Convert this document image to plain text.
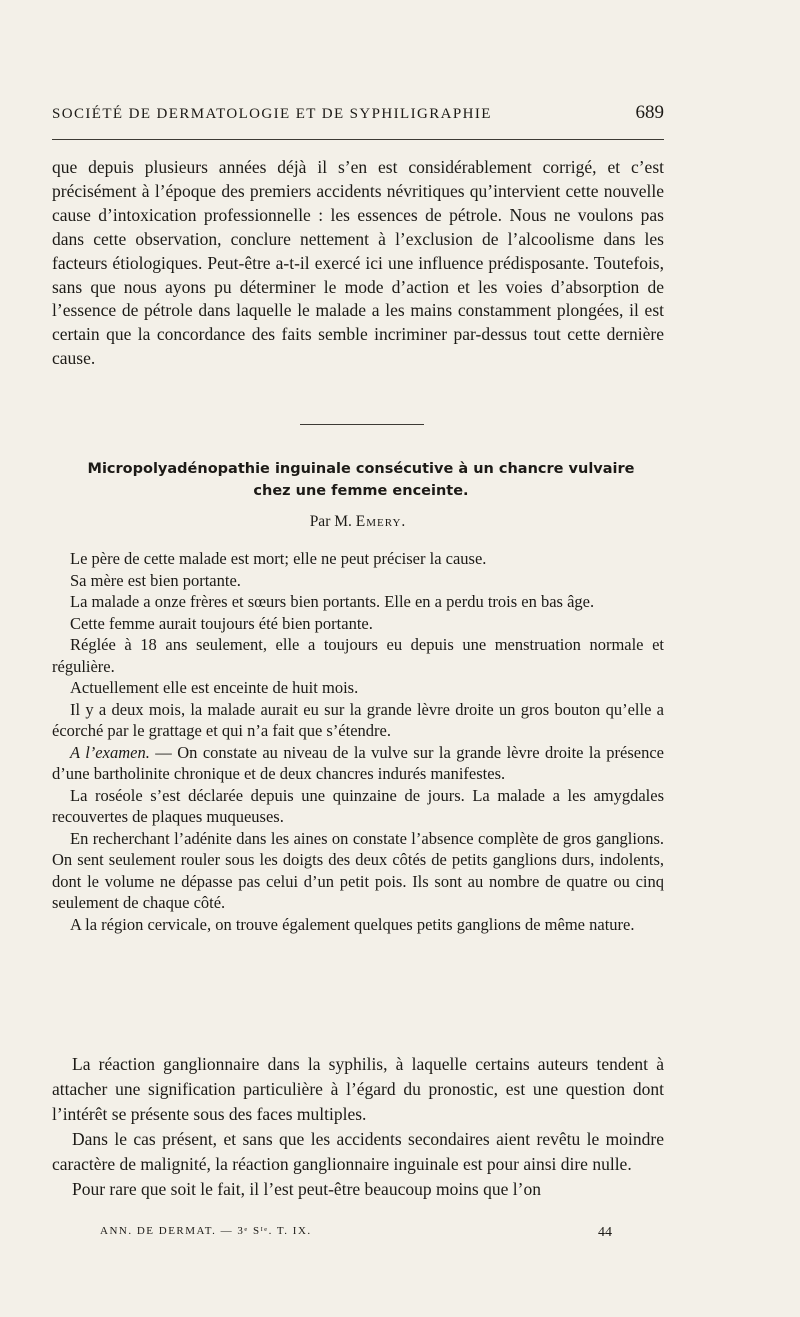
SOCIÉTÉ DE DERMATOLOGIE ET DE SYPHILIGRAPHIE	689

que depuis plusieurs années déjà il s’en est considérablement corrigé, et c’est précisément à l’époque des premiers accidents névritiques qu’intervient cette nouvelle cause d’intoxication professionnelle : les essences de pétrole. Nous ne voulons pas dans cette observation, conclure nettement à l’exclusion de l’alcoolisme dans les facteurs étiologiques. Peut-être a-t-il exercé ici une influence prédisposante. Toutefois, sans que nous ayons pu déterminer le mode d’action et les voies d’absorption de l’essence de pétrole dans laquelle le malade a les mains constamment plongées, il est certain que la concordance des faits semble incriminer par-dessus tout cette dernière cause.

Micropolyadénopathie inguinale consécutive à un chancre vulvaire
chez une femme enceinte.
Par M. Emery.

Le père de cette malade est mort; elle ne peut préciser la cause.

Sa mère est bien portante.

La malade a onze frères et sœurs bien portants. Elle en a perdu trois en bas âge.

Cette femme aurait toujours été bien portante.

Réglée à 18 ans seulement, elle a toujours eu depuis une menstruation normale et régulière.

Actuellement elle est enceinte de huit mois.

Il y a deux mois, la malade aurait eu sur la grande lèvre droite un gros bouton qu’elle a écorché par le grattage et qui n’a fait que s’étendre.

A l’examen. — On constate au niveau de la vulve sur la grande lèvre droite la présence d’une bartholinite chronique et de deux chancres indurés manifestes.

La roséole s’est déclarée depuis une quinzaine de jours. La malade a les amygdales recouvertes de plaques muqueuses.

En recherchant l’adénite dans les aines on constate l’absence complète de gros ganglions. On sent seulement rouler sous les doigts des deux côtés de petits ganglions durs, indolents, dont le volume ne dépasse pas celui d’un petit pois. Ils sont au nombre de quatre ou cinq seulement de chaque côté.

A la région cervicale, on trouve également quelques petits ganglions de même nature.

La réaction ganglionnaire dans la syphilis, à laquelle certains auteurs tendent à attacher une signification particulière à l’égard du pronostic, est une question dont l’intérêt se présente sous des faces multiples.

Dans le cas présent, et sans que les accidents secondaires aient revêtu le moindre caractère de malignité, la réaction ganglionnaire inguinale est pour ainsi dire nulle.

Pour rare que soit le fait, il l’est peut-être beaucoup moins que l’on

ANN. DE DERMAT. — 3ᵉ Sᴵᵉ. T. IX.	44
